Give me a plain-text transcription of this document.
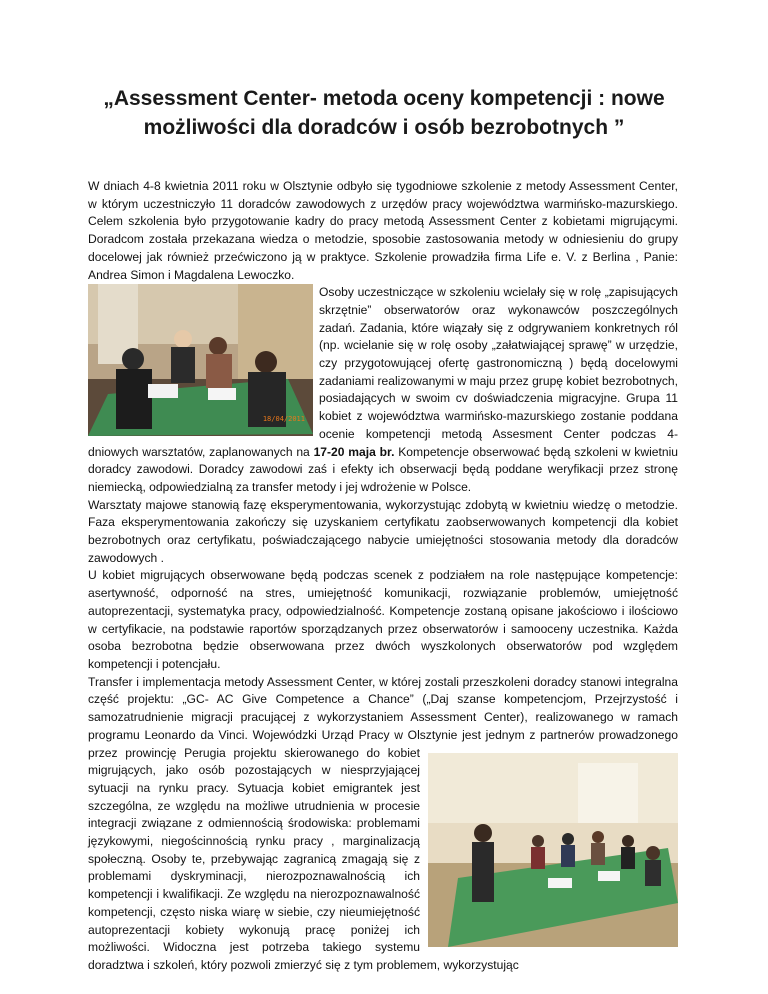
„Assessment Center- metoda oceny kompetencji : nowe
możliwości dla doradców i osób bezrobotnych ”

W dniach 4-8 kwietnia 2011 roku w Olsztynie odbyło się tygodniowe szkolenie z metody Assessment Center, w którym uczestniczyło 11 doradców zawodowych z urzędów pracy województwa warmińsko-mazurskiego. Celem szkolenia było przygotowanie kadry do pracy metodą Assessment Center z kobietami migrującymi. Doradcom została przekazana wiedza o metodzie, sposobie zastosowania metody w odniesieniu do grupy docelowej jak również przećwiczono ją w praktyce. Szkolenie prowadziła firma Life e. V. z Berlina , Panie: Andrea Simon i Magdalena Lewoczko.

18/04/2011

Osoby uczestniczące w szkoleniu wcielały się w rolę „zapisujących skrzętnie” obserwatorów oraz wykonawców poszczególnych zadań. Zadania, które wiązały się z odgrywaniem konkretnych ról (np. wcielanie się w rolę osoby „załatwiającej sprawę” w urzędzie, czy przygotowującej ofertę gastronomiczną ) będą docelowymi zadaniami realizowanymi w maju przez grupę kobiet bezrobotnych, posiadających w swoim cv doświadczenia migracyjne. Grupa 11 kobiet z województwa warmińsko-mazurskiego zostanie poddana ocenie kompetencji metodą Assesment Center podczas 4-dniowych warsztatów, zaplanowanych na 17-20 maja br. Kompetencje obserwować będą szkoleni w kwietniu doradcy zawodowi. Doradcy zawodowi zaś i efekty ich obserwacji będą poddane weryfikacji przez stronę niemiecką, odpowiedzialną za transfer metody i jej wdrożenie w Polsce.

Warsztaty majowe stanowią fazę eksperymentowania, wykorzystując zdobytą w kwietniu wiedzę o metodzie. Faza eksperymentowania zakończy się uzyskaniem certyfikatu zaobserwowanych kompetencji dla kobiet bezrobotnych oraz certyfikatu, poświadczającego nabycie umiejętności stosowania metody dla doradców zawodowych .

U kobiet migrujących obserwowane będą podczas scenek z podziałem na role następujące kompetencje: asertywność, odporność na stres, umiejętność komunikacji, rozwiązanie problemów, umiejętność autoprezentacji, systematyka pracy, odpowiedzialność. Kompetencje zostaną opisane jakościowo i ilościowo w certyfikacie, na podstawie raportów sporządzanych przez obserwatorów i samooceny uczestnika. Każda osoba bezrobotna będzie obserwowana przez dwóch wyszkolonych obserwatorów pod względem kompetencji i potencjału.

Transfer i implementacja metody Assessment Center, w której zostali przeszkoleni doradcy stanowi integralna część projektu: „GC- AC Give Competence a Chance” („Daj szanse kompetencjom, Przejrzystość i samozatrudnienie migracji pracującej z wykorzystaniem Assessment Center), realizowanego w ramach programu Leonardo da Vinci. Wojewódzki Urząd Pracy w Olsztynie jest jednym z partnerów prowadzonego przez prowincję Perugia projektu skierowanego do kobiet migrujących, jako osób pozostających w niesprzyjającej sytuacji na rynku pracy. Sytuacja kobiet emigrantek jest szczególna, ze względu na możliwe utrudnienia w procesie integracji związane z odmiennością środowiska: problemami językowymi, niegościnnością rynku pracy , marginalizacją społeczną. Osoby te, przebywając zagranicą zmagają się z problemami dyskryminacji, nierozpoznawalnością ich kompetencji i kwalifikacji. Ze względu na nierozpoznawalność kompetencji, często niska wiarę w siebie, czy nieumiejętność autoprezentacji kobiety wykonują pracę poniżej ich możliwości. Widoczna jest potrzeba takiego systemu doradztwa i szkoleń, który pozwoli zmierzyć się z tym problemem, wykorzystując
